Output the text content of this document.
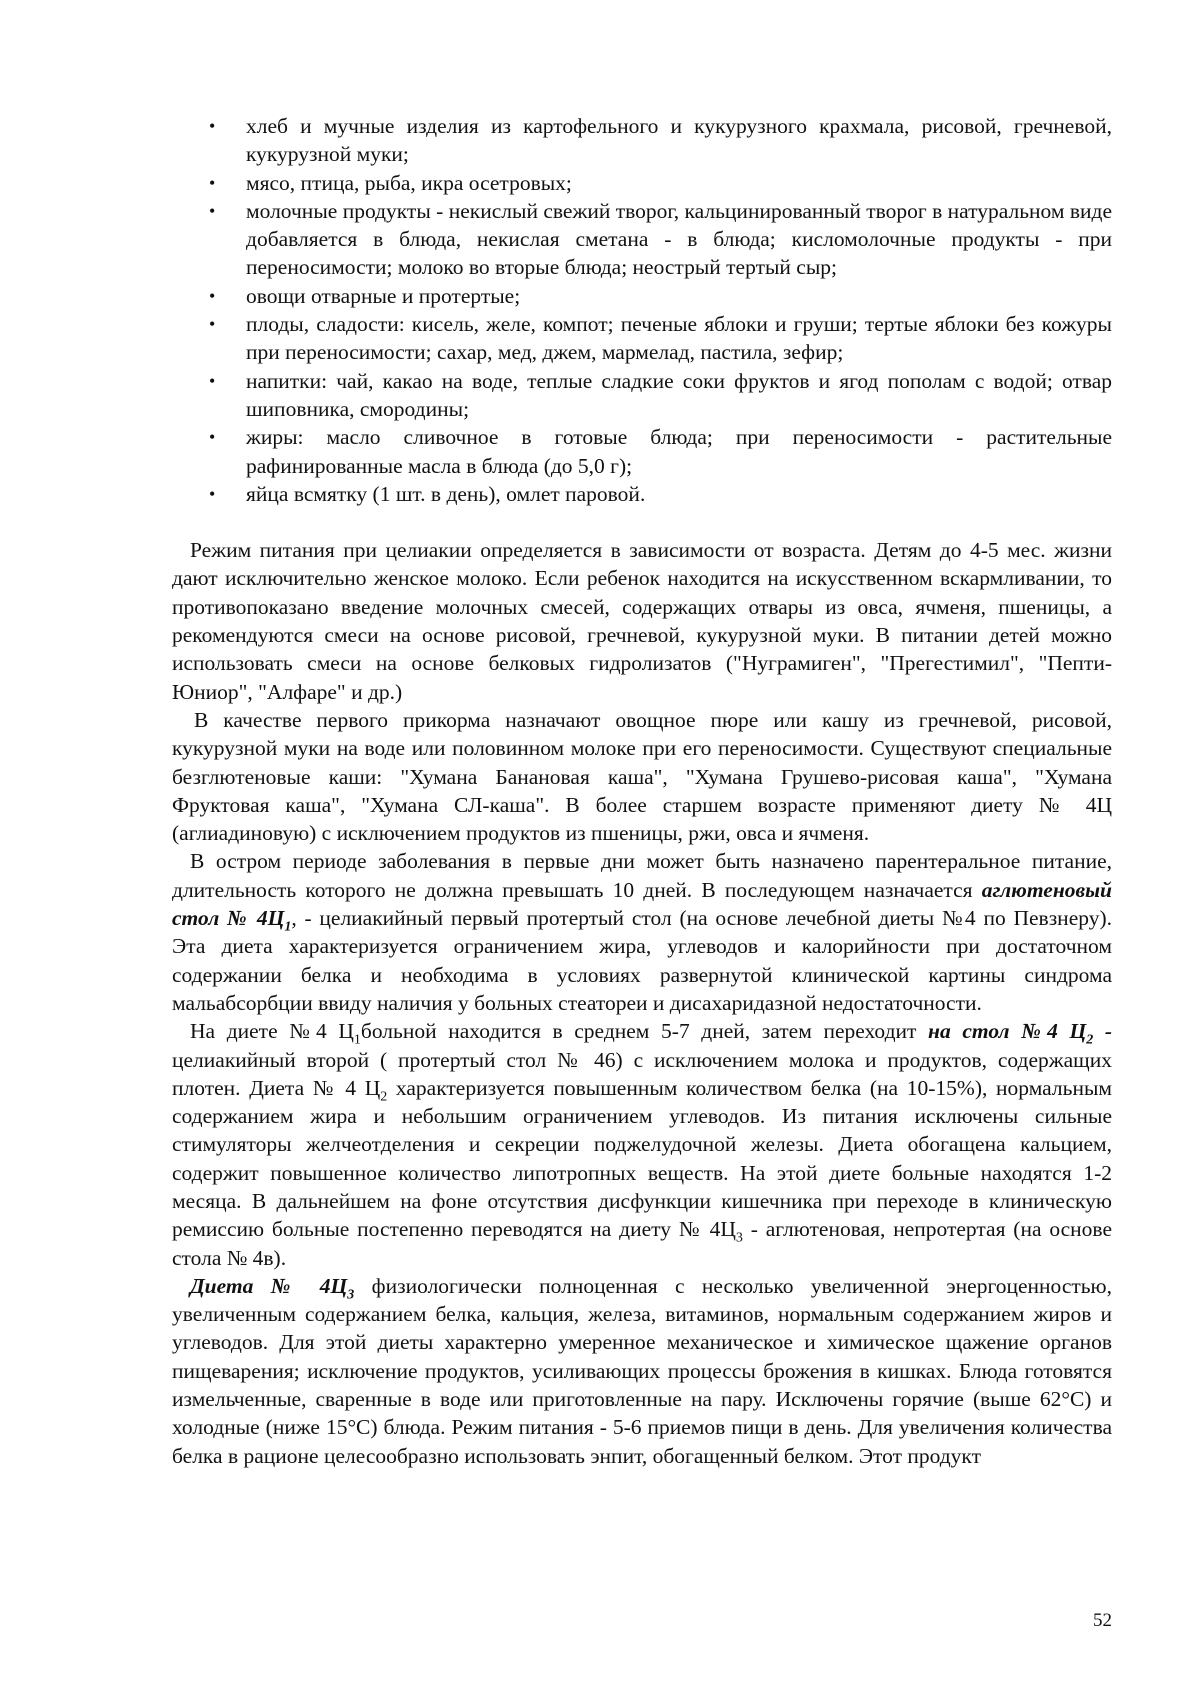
• хлеб и мучные изделия из картофельного и кукурузного крахмала, рисовой, гречневой, кукурузной муки;
• мясо, птица, рыба, икра осетровых;
• молочные продукты - некислый свежий творог, кальцинированный творог в натуральном виде добавляется в блюда, некислая сметана - в блюда; кисломолочные продукты - при переносимости; молоко во вторые блюда; неострый тертый сыр;
• овощи отварные и протертые;
• плоды, сладости: кисель, желе, компот; печеные яблоки и груши; тертые яблоки без кожуры при переносимости; сахар, мед, джем, мармелад, пастила, зефир;
• напитки: чай, какао на воде, теплые сладкие соки фруктов и ягод пополам с водой; отвар шиповника, смородины;
• жиры: масло сливочное в готовые блюда; при переносимости - растительные рафинированные масла в блюда (до 5,0 г);
• яйца всмятку (1 шт. в день), омлет паровой.

Режим питания при целиакии определяется в зависимости от возраста. Детям до 4-5 мес. жизни дают исключительно женское молоко. Если ребенок находится на искусственном вскармливании, то противопоказано введение молочных смесей, содержащих отвары из овса, ячменя, пшеницы, а рекомендуются смеси на основе рисовой, гречневой, кукурузной муки. В питании детей можно использовать смеси на основе белковых гидролизатов ("Нуграмиген", "Прегестимил", "Пепти-Юниор", "Алфаре" и др.)

В качестве первого прикорма назначают овощное пюре или кашу из гречневой, рисовой, кукурузной муки на воде или половинном молоке при его переносимости. Существуют специальные безглютеновые каши: "Хумана Банановая каша", "Хумана Грушево-рисовая каша", "Хумана Фруктовая каша", "Хумана СЛ-каша". В более старшем возрасте применяют диету № 4Ц (аглиадиновую) с исключением продуктов из пшеницы, ржи, овса и ячменя.

В остром периоде заболевания в первые дни может быть назначено парентеральное питание, длительность которого не должна превышать 10 дней. В последующем назначается аглютеновый стол № $4Ц_1$, - целиакийный первый протертый стол (на основе лечебной диеты №4 по Певзнеру). Эта диета характеризуется ограничением жира, углеводов и калорийности при достаточном содержании белка и необходима в условиях развернутой клинической картины синдрома мальабсорбции ввиду наличия у больных стеатореи и дисахаридазной недостаточности.

На диете №4 $Ц_1больной$ находится в среднем 5-7 дней, затем переходит на стол №4 $Ц_2$ - целиакийный второй ( протертый стол № 46) с исключением молока и продуктов, содержащих плотен. Диета № 4 $Ц_2$ характеризуется повышенным количеством белка (на 10-15%), нормальным содержанием жира и небольшим ограничением углеводов. Из питания исключены сильные стимуляторы желчеотделения и секреции поджелудочной железы. Диета обогащена кальцием, содержит повышенное количество липотропных веществ. На этой диете больные находятся 1-2 месяца. В дальнейшем на фоне отсутствия дисфункции кишечника при переходе в клиническую ремиссию больные постепенно переводятся на диету № $4Ц_3$ - аглютеновая, непротертая (на основе стола № 4в).

Диета № $4Ц_3$ физиологически полноценная с несколько увеличенной энергоценностью, увеличенным содержанием белка, кальция, железа, витаминов, нормальным содержанием жиров и углеводов. Для этой диеты характерно умеренное механическое и химическое щажение органов пищеварения; исключение продуктов, усиливающих процессы брожения в кишках. Блюда готовятся измельченные, сваренные в воде или приготовленные на пару. Исключены горячие (выше 62°С) и холодные (ниже 15°С) блюда. Режим питания - 5-6 приемов пищи в день. Для увеличения количества белка в рационе целесообразно использовать энпит, обогащенный белком. Этот продукт

52
